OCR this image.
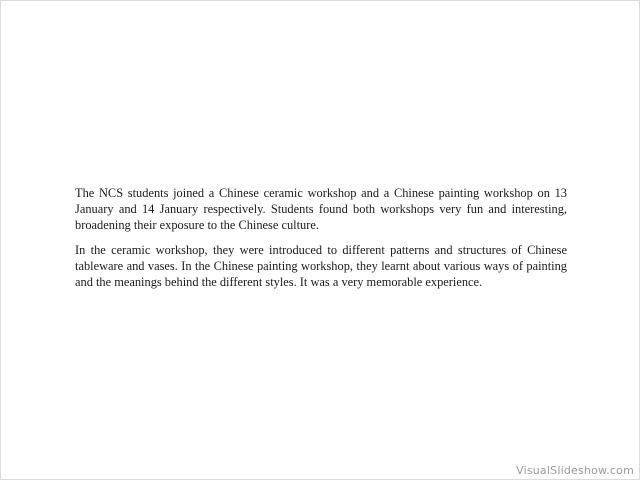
The NCS students joined a Chinese ceramic workshop and a Chinese painting workshop on 13 January and 14 January respectively. Students found both workshops very fun and interesting, broadening their exposure to the Chinese culture.

In the ceramic workshop, they were introduced to different patterns and structures of Chinese tableware and vases. In the Chinese painting workshop, they learnt about various ways of painting and the meanings behind the different styles. It was a very memorable experience.

VisualSlideshow.com
